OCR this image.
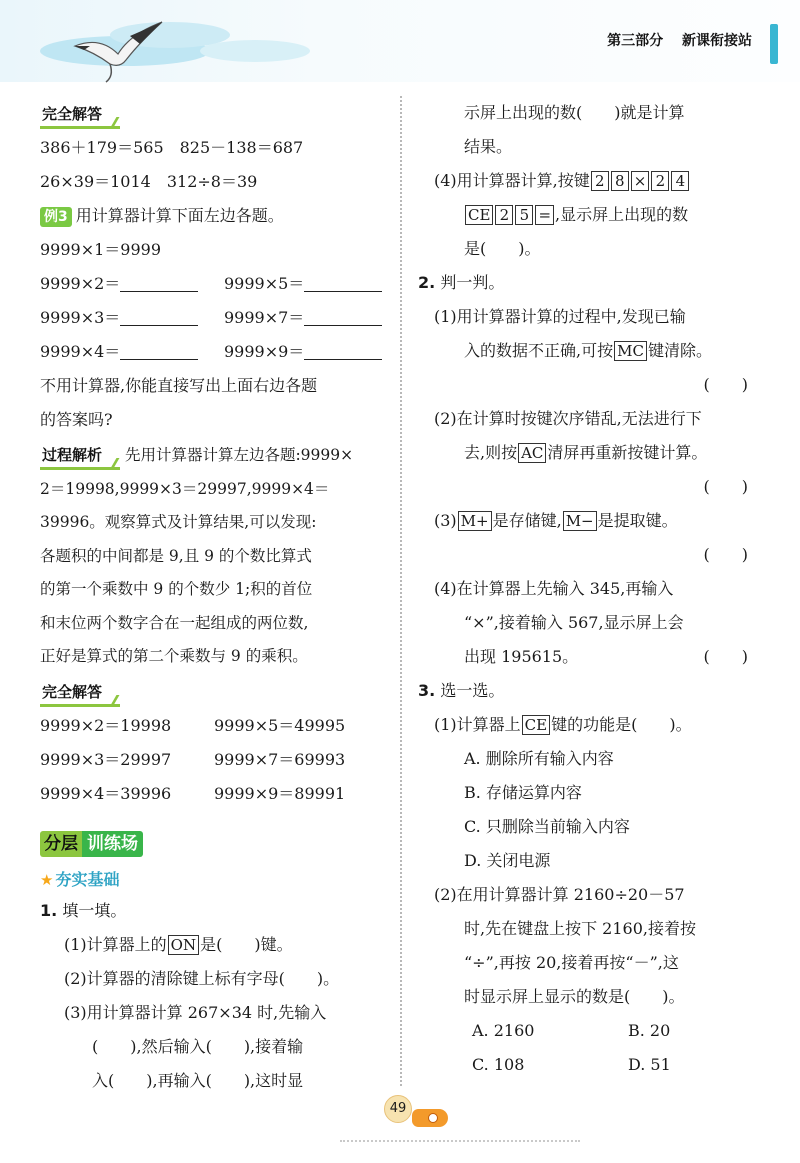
第三部分 新课衔接站
完全解答
386＋179＝565　825－138＝687
26×39＝1014　312÷8＝39
例3 用计算器计算下面左边各题。
9999×1＝9999
9999×2＝	9999×5＝
9999×3＝	9999×7＝
9999×4＝	9999×9＝
不用计算器,你能直接写出上面右边各题
的答案吗?
过程解析 先用计算器计算左边各题:9999×
2＝19998,9999×3＝29997,9999×4＝
39996。观察算式及计算结果,可以发现:
各题积的中间都是 9,且 9 的个数比算式
的第一个乘数中 9 的个数少 1;积的首位
和末位两个数字合在一起组成的两位数,
正好是算式的第二个乘数与 9 的乘积。
完全解答
9999×2＝19998	9999×5＝49995
9999×3＝29997	9999×7＝69993
9999×4＝39996	9999×9＝89991
分层 训练场
★ 夯实基础
1. 填一填。
(1)计算器上的 ON 是(　　)键。
(2)计算器的清除键上标有字母(　　)。
(3)用计算器计算 267×34 时,先输入
(　　),然后输入(　　),接着输
入(　　),再输入(　　),这时显
示屏上出现的数(　　)就是计算
结果。
(4)用计算器计算,按键 2 8 × 2 4
CE 2 5 = ,显示屏上出现的数
是(　　)。
2. 判一判。
(1)用计算器计算的过程中,发现已输
入的数据不正确,可按 MC 键清除。
(　　)
(2)在计算时按键次序错乱,无法进行下
去,则按 AC 清屏再重新按键计算。
(　　)
(3) M+ 是存储键, M− 是提取键。
(　　)
(4)在计算器上先输入 345,再输入
“×”,接着输入 567,显示屏上会
出现 195615。	(　　)
3. 选一选。
(1)计算器上 CE 键的功能是(　　)。
A. 删除所有输入内容
B. 存储运算内容
C. 只删除当前输入内容
D. 关闭电源
(2)在用计算器计算 2160÷20－57
时,先在键盘上按下 2160,接着按
“÷”,再按 20,接着再按“－”,这
时显示屏上显示的数是(　　)。
A. 2160	B. 20
C. 108	D. 51
49
